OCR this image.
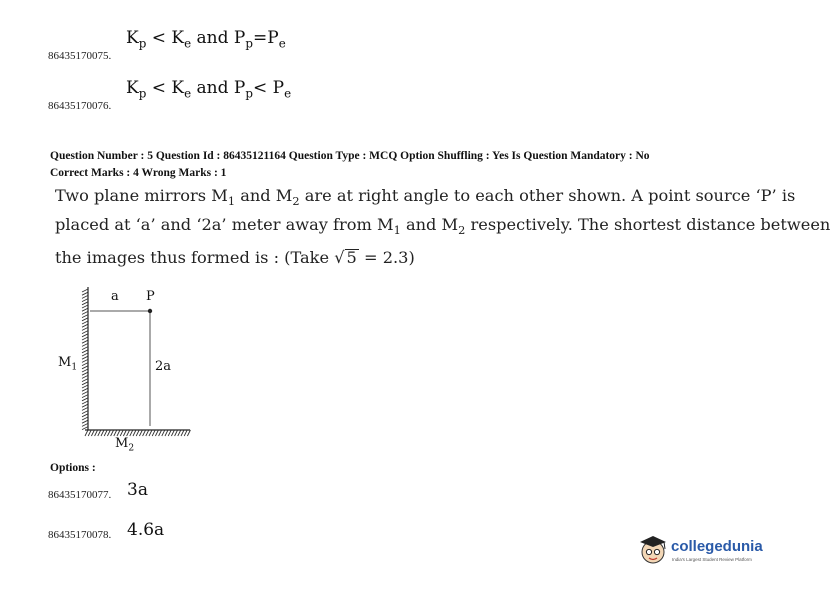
$K_p < K_e$ and $P_p=P_e$
86435170075.
$K_p < K_e$ and $P_p< P_e$
86435170076.
Question Number : 5 Question Id : 86435121164 Question Type : MCQ Option Shuffling : Yes Is Question Mandatory : No
Correct Marks : 4 Wrong Marks : 1
Two plane mirrors $M_1$ and $M_2$ are at right angle to each other shown. A point source ‘P’ is
placed at ‘a’ and ‘2a’ meter away from $M_1$ and $M_2$ respectively. The shortest distance between
the images thus formed is : (Take √ 5 = 2.3)
a P
2a
$M_1$
$M_2$
Options :
86435170077. 3a
86435170078. 4.6a
collegedunia
India's Largest Student Review Platform
